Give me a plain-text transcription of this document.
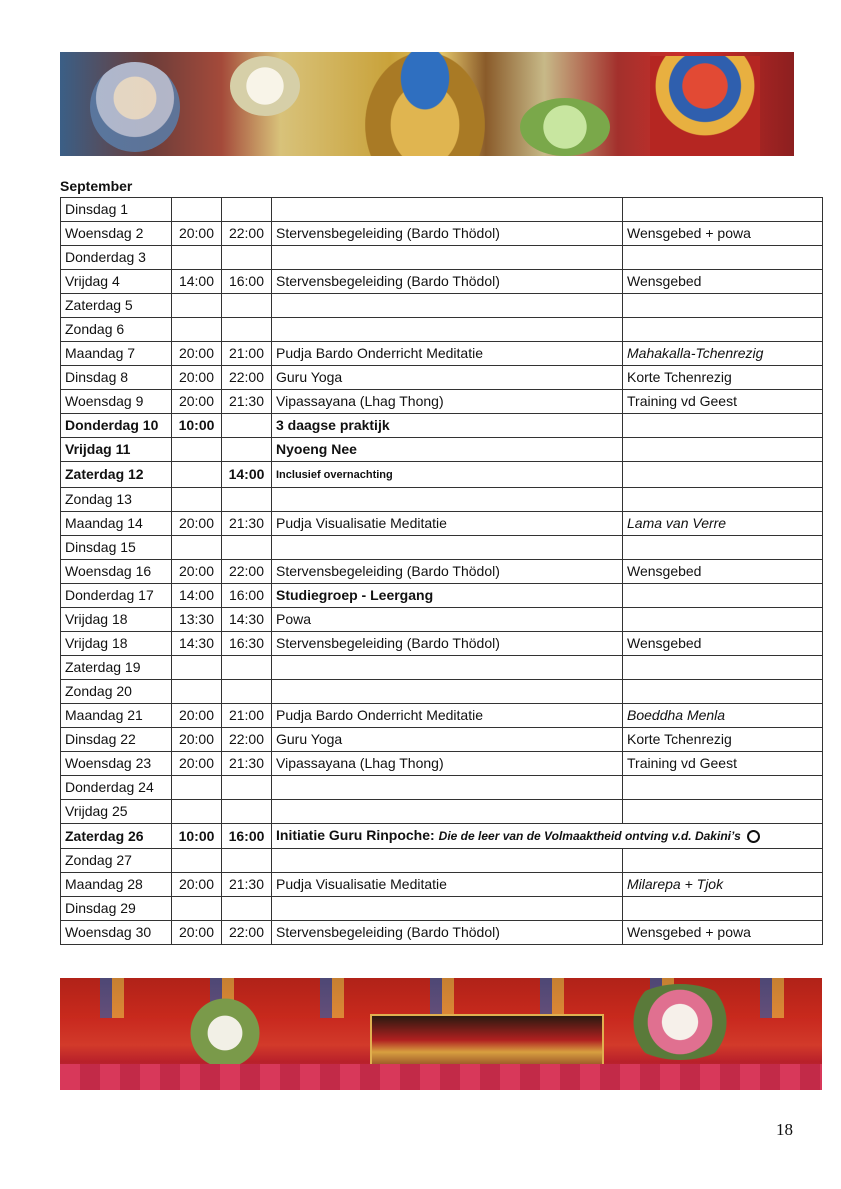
September
Dinsdag 1				
Woensdag 2	20:00	22:00	Stervensbegeleiding (Bardo Thödol)	Wensgebed + powa
Donderdag 3				
Vrijdag 4	14:00	16:00	Stervensbegeleiding (Bardo Thödol)	Wensgebed
Zaterdag 5				
Zondag 6				
Maandag 7	20:00	21:00	Pudja Bardo Onderricht Meditatie	Mahakalla-Tchenrezig
Dinsdag 8	20:00	22:00	Guru Yoga	Korte Tchenrezig
Woensdag 9	20:00	21:30	Vipassayana (Lhag Thong)	Training vd Geest
Donderdag 10	10:00		3 daagse praktijk	
Vrijdag 11			Nyoeng Nee	
Zaterdag 12		14:00	Inclusief overnachting	
Zondag 13				
Maandag 14	20:00	21:30	Pudja Visualisatie Meditatie	Lama van Verre
Dinsdag 15				
Woensdag 16	20:00	22:00	Stervensbegeleiding (Bardo Thödol)	Wensgebed
Donderdag 17	14:00	16:00	Studiegroep - Leergang	
Vrijdag 18	13:30	14:30	Powa	
Vrijdag 18	14:30	16:30	Stervensbegeleiding (Bardo Thödol)	Wensgebed
Zaterdag 19				
Zondag 20				
Maandag 21	20:00	21:00	Pudja Bardo Onderricht Meditatie	Boeddha Menla
Dinsdag 22	20:00	22:00	Guru Yoga	Korte Tchenrezig
Woensdag 23	20:00	21:30	Vipassayana (Lhag Thong)	Training vd Geest
Donderdag 24				
Vrijdag 25				
Zaterdag 26	10:00	16:00	Initiatie Guru Rinpoche: Die de leer van de Volmaaktheid ontving v.d. Dakini’s	
Zondag 27				
Maandag 28	20:00	21:30	Pudja Visualisatie Meditatie	Milarepa + Tjok
Dinsdag 29				
Woensdag 30	20:00	22:00	Stervensbegeleiding (Bardo Thödol)	Wensgebed + powa
18
